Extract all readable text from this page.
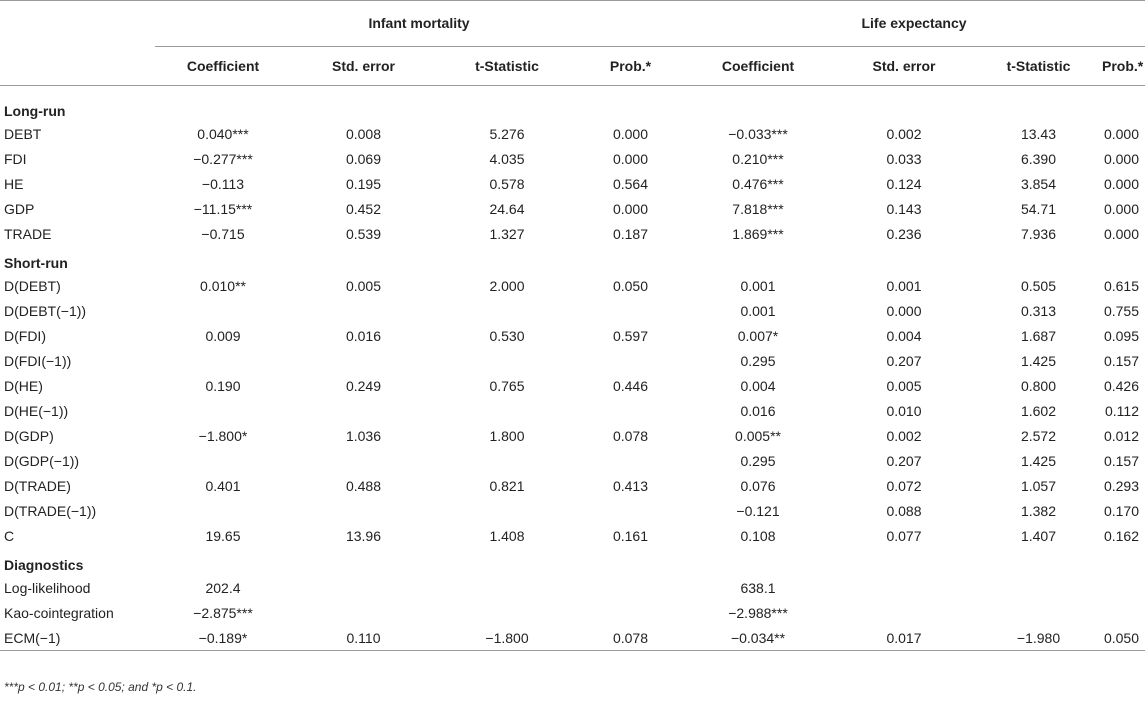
	Infant mortality				Life expectancy			
	Coefficient	Std. error	t-Statistic	Prob.*	Coefficient	Std. error	t-Statistic	Prob.*
Long-run								
DEBT	0.040***	0.008	5.276	0.000	−0.033***	0.002	13.43	0.000
FDI	−0.277***	0.069	4.035	0.000	0.210***	0.033	6.390	0.000
HE	−0.113	0.195	0.578	0.564	0.476***	0.124	3.854	0.000
GDP	−11.15***	0.452	24.64	0.000	7.818***	0.143	54.71	0.000
TRADE	−0.715	0.539	1.327	0.187	1.869***	0.236	7.936	0.000
Short-run								
D(DEBT)	0.010**	0.005	2.000	0.050	0.001	0.001	0.505	0.615
D(DEBT(−1))					0.001	0.000	0.313	0.755
D(FDI)	0.009	0.016	0.530	0.597	0.007*	0.004	1.687	0.095
D(FDI(−1))					0.295	0.207	1.425	0.157
D(HE)	0.190	0.249	0.765	0.446	0.004	0.005	0.800	0.426
D(HE(−1))					0.016	0.010	1.602	0.112
D(GDP)	−1.800*	1.036	1.800	0.078	0.005**	0.002	2.572	0.012
D(GDP(−1))					0.295	0.207	1.425	0.157
D(TRADE)	0.401	0.488	0.821	0.413	0.076	0.072	1.057	0.293
D(TRADE(−1))					−0.121	0.088	1.382	0.170
C	19.65	13.96	1.408	0.161	0.108	0.077	1.407	0.162
Diagnostics								
Log-likelihood	202.4				638.1			
Kao-cointegration	−2.875***				−2.988***			
ECM(−1)	−0.189*	0.110	−1.800	0.078	−0.034**	0.017	−1.980	0.050
***p < 0.01; **p < 0.05; and *p < 0.1.
